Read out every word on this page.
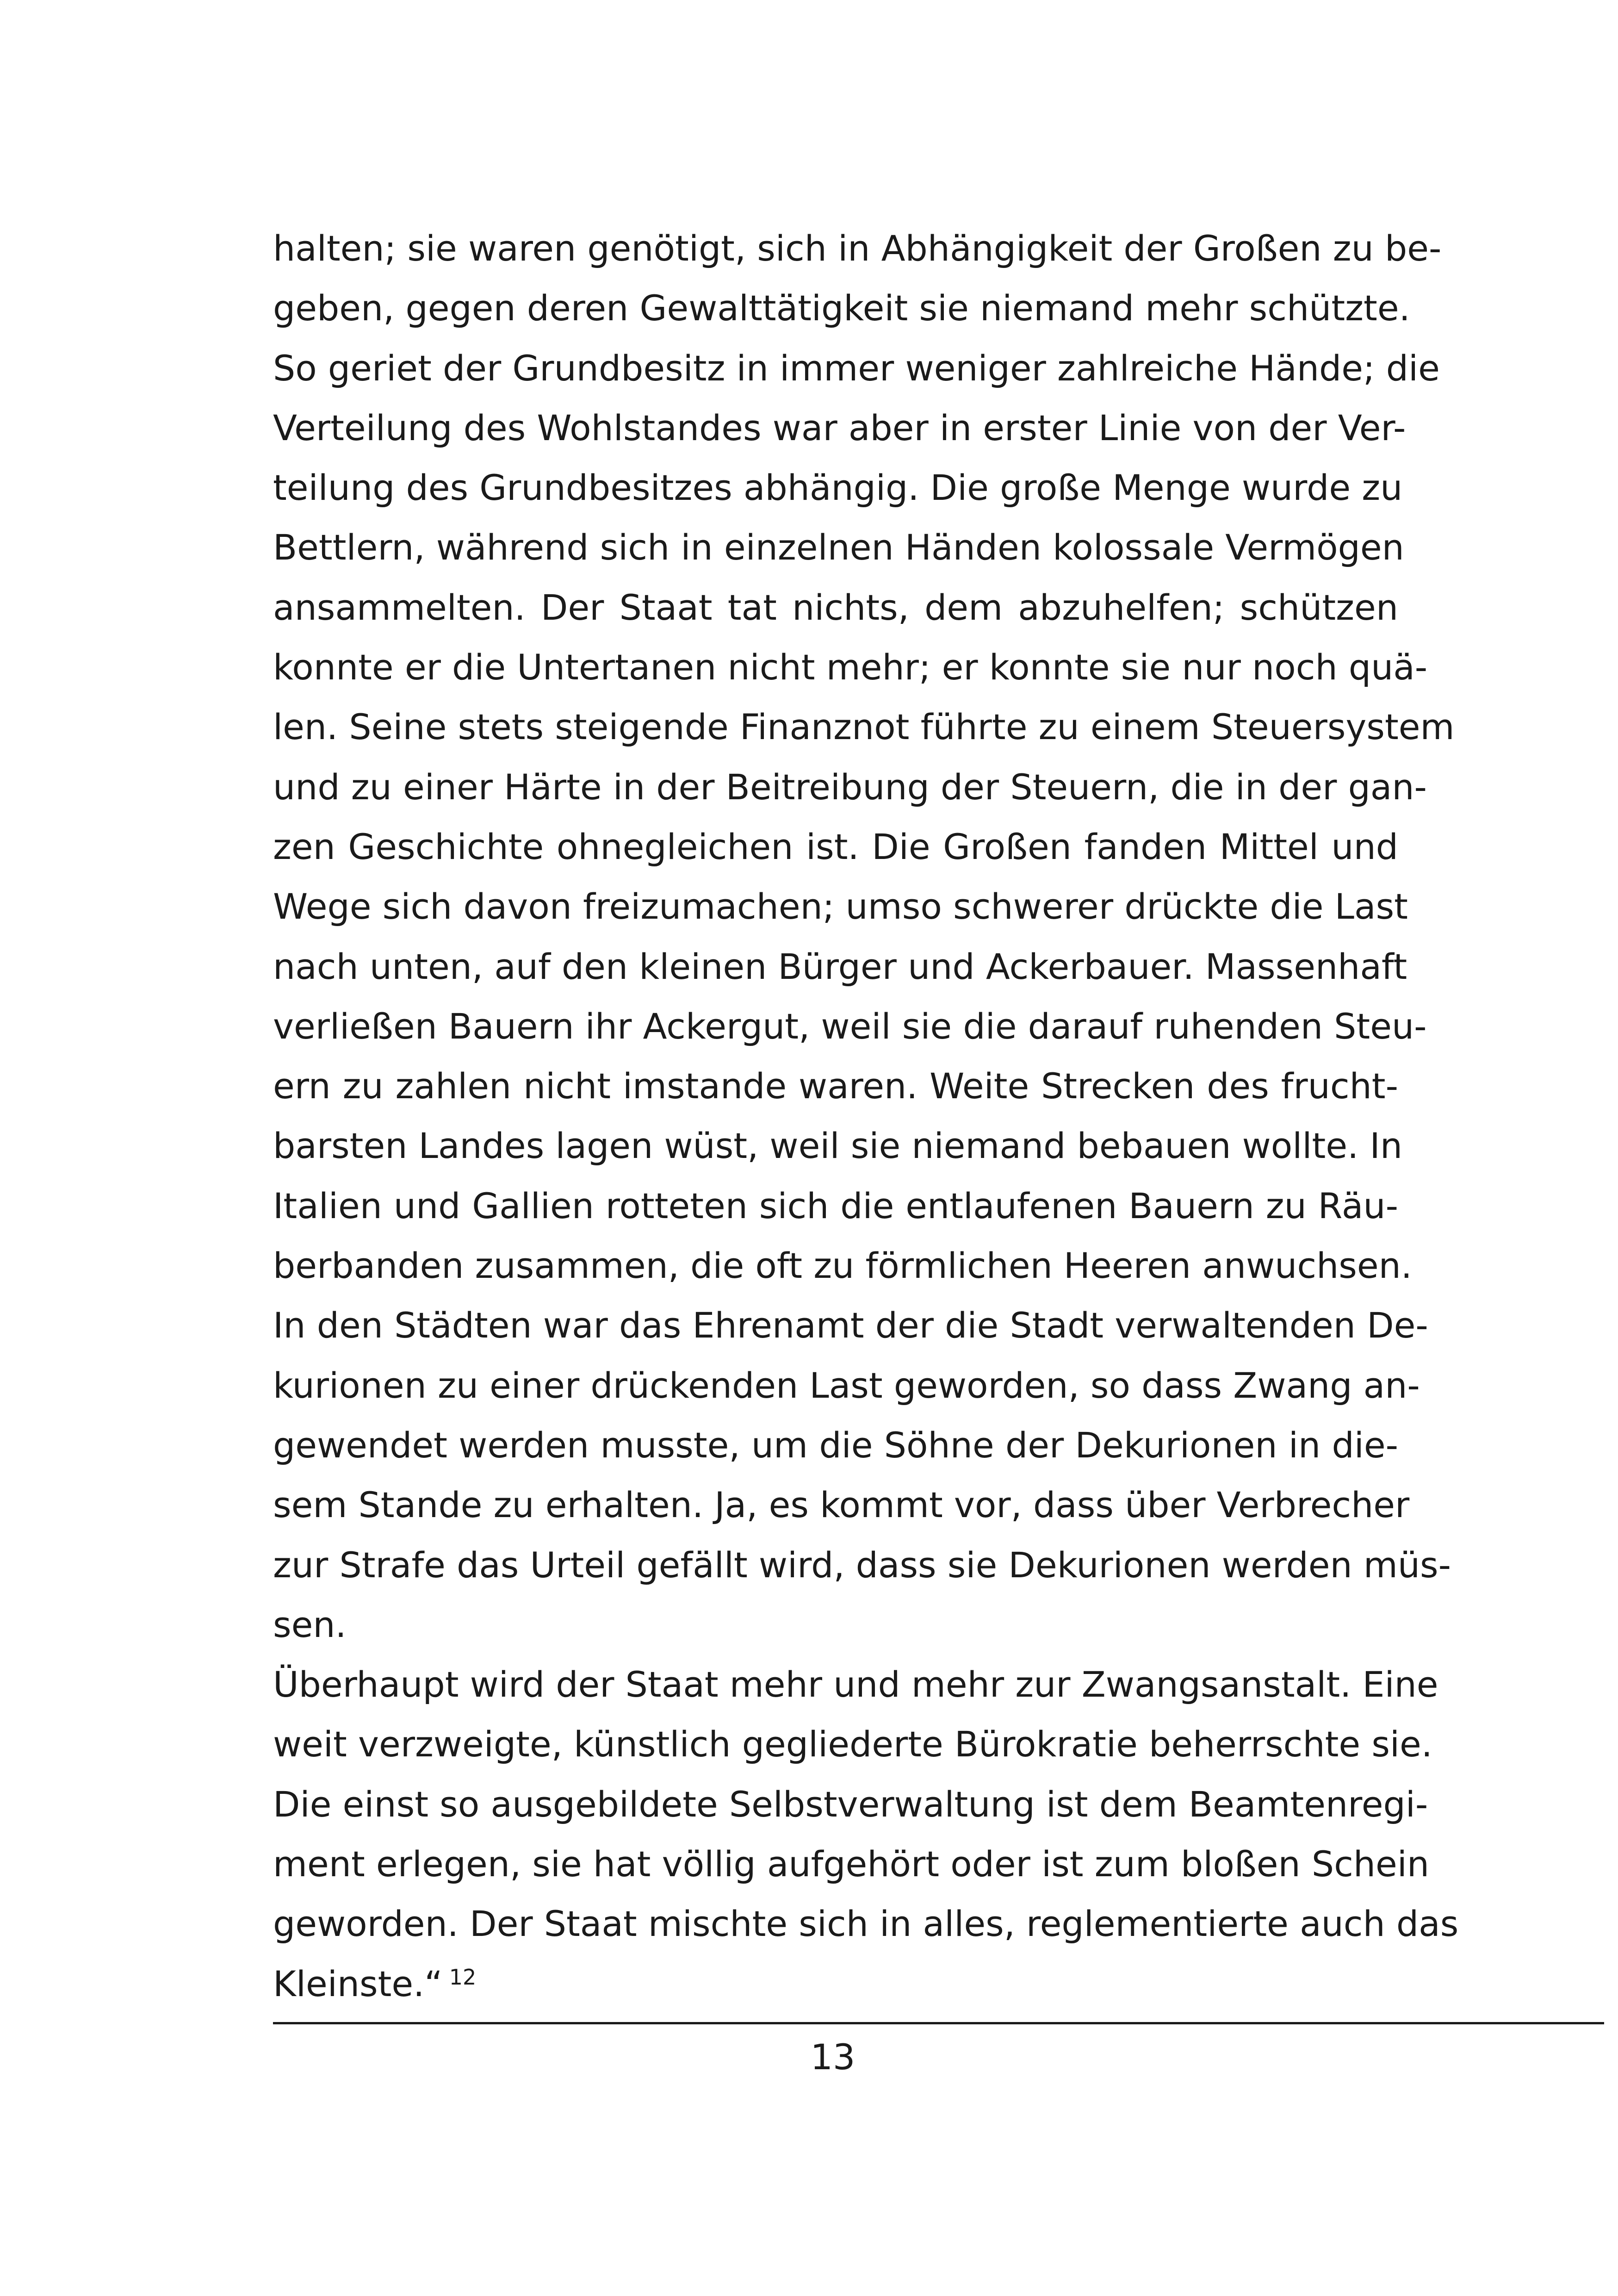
halten; sie waren genötigt, sich in Abhängigkeit der Großen zu be-
geben, gegen deren Gewalttätigkeit sie niemand mehr schützte.
So geriet der Grundbesitz in immer weniger zahlreiche Hände; die
Verteilung des Wohlstandes war aber in erster Linie von der Ver-
teilung des Grundbesitzes abhängig. Die große Menge wurde zu
Bettlern, während sich in einzelnen Händen kolossale Vermögen
ansammelten. Der Staat tat nichts, dem abzuhelfen; schützen
konnte er die Untertanen nicht mehr; er konnte sie nur noch quä-
len. Seine stets steigende Finanznot führte zu einem Steuersystem
und zu einer Härte in der Beitreibung der Steuern, die in der gan-
zen Geschichte ohnegleichen ist. Die Großen fanden Mittel und
Wege sich davon freizumachen; umso schwerer drückte die Last
nach unten, auf den kleinen Bürger und Ackerbauer. Massenhaft
verließen Bauern ihr Ackergut, weil sie die darauf ruhenden Steu-
ern zu zahlen nicht imstande waren. Weite Strecken des frucht-
barsten Landes lagen wüst, weil sie niemand bebauen wollte. In
Italien und Gallien rotteten sich die entlaufenen Bauern zu Räu-
berbanden zusammen, die oft zu förmlichen Heeren anwuchsen.
In den Städten war das Ehrenamt der die Stadt verwaltenden De-
kurionen zu einer drückenden Last geworden, so dass Zwang an-
gewendet werden musste, um die Söhne der Dekurionen in die-
sem Stande zu erhalten. Ja, es kommt vor, dass über Verbrecher
zur Strafe das Urteil gefällt wird, dass sie Dekurionen werden müs-
sen.
Überhaupt wird der Staat mehr und mehr zur Zwangsanstalt. Eine
weit verzweigte, künstlich gegliederte Bürokratie beherrschte sie.
Die einst so ausgebildete Selbstverwaltung ist dem Beamtenregi-
ment erlegen, sie hat völlig aufgehört oder ist zum bloßen Schein
geworden. Der Staat mischte sich in alles, reglementierte auch das
Kleinste.“ $^{12}$
13
